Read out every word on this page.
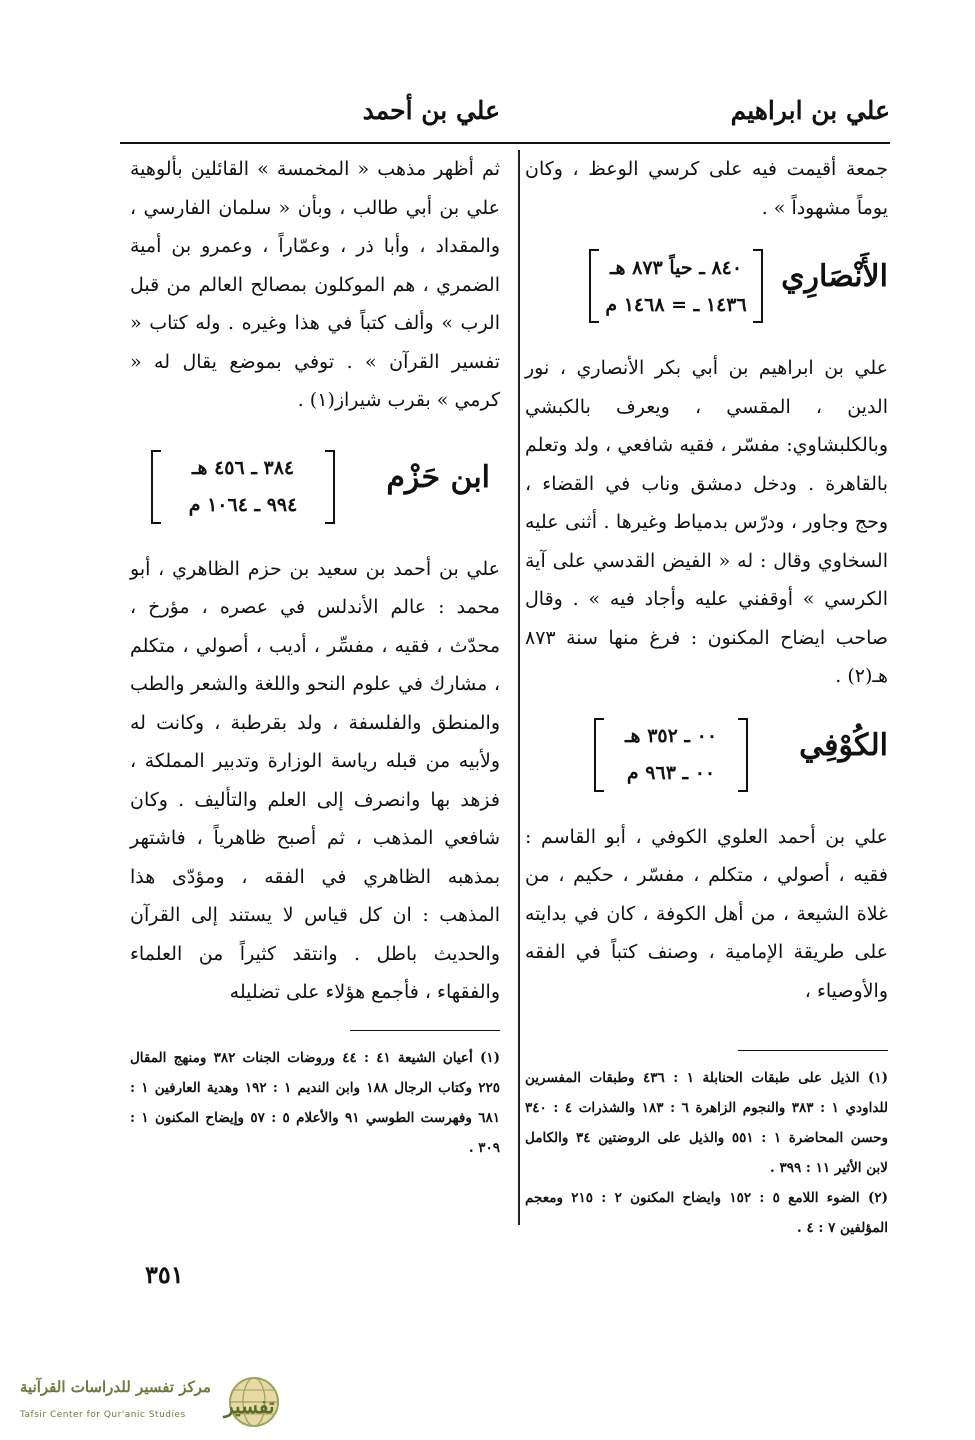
علي بن ابراهيم
علي بن أحمد

جمعة أقيمت فيه على كرسي الوعظ ، وكان يوماً مشهوداً » .

الأَنْصَارِي
٨٤٠ ـ حياً ٨٧٣ هـ
١٤٣٦ ـ = ١٤٦٨ م

علي بن ابراهيم بن أبي بكر الأنصاري ، نور الدين ، المقسي ، ويعرف بالكبشي وبالكلبشاوي: مفسّر ، فقيه شافعي ، ولد وتعلم بالقاهرة . ودخل دمشق وناب في القضاء ، وحج وجاور ، ودرّس بدمياط وغيرها . أثنى عليه السخاوي وقال : له « الفيض القدسي على آية الكرسي » أوقفني عليه وأجاد فيه » . وقال صاحب ايضاح المكنون : فرغ منها سنة ٨٧٣ هـ(٢) .

الكُوْفِي
٠٠ ـ ٣٥٢ هـ
٠٠ ـ ٩٦٣ م

علي بن أحمد العلوي الكوفي ، أبو القاسم : فقيه ، أصولي ، متكلم ، مفسّر ، حكيم ، من غلاة الشيعة ، من أهل الكوفة ، كان في بدايته على طريقة الإمامية ، وصنف كتباً في الفقه والأوصياء ،

(١) الذيل على طبقات الحنابلة ١ : ٤٣٦ وطبقات المفسرين للداودي ١ : ٣٨٣ والنجوم الزاهرة ٦ : ١٨٣ والشذرات ٤ : ٣٤٠ وحسن المحاضرة ١ : ٥٥١ والذيل على الروضتين ٣٤ والكامل لابن الأثير ١١ : ٣٩٩ .

(٢) الضوء اللامع ٥ : ١٥٢ وايضاح المكنون ٢ : ٢١٥ ومعجم المؤلفين ٧ : ٤ .

ثم أظهر مذهب « المخمسة » القائلين بألوهية علي بن أبي طالب ، وبأن « سلمان الفارسي ، والمقداد ، وأبا ذر ، وعمّاراً ، وعمرو بن أمية الضمري ، هم الموكلون بمصالح العالم من قبل الرب » وألف كتباً في هذا وغيره . وله كتاب « تفسير القرآن » . توفي بموضع يقال له « كرمي » بقرب شيراز(١) .

ابن حَزْم
٣٨٤ ـ ٤٥٦ هـ
٩٩٤ ـ ١٠٦٤ م

علي بن أحمد بن سعيد بن حزم الظاهري ، أبو محمد : عالم الأندلس في عصره ، مؤرخ ، محدّث ، فقيه ، مفسِّر ، أديب ، أصولي ، متكلم ، مشارك في علوم النحو واللغة والشعر والطب والمنطق والفلسفة ، ولد بقرطبة ، وكانت له ولأبيه من قبله رياسة الوزارة وتدبير المملكة ، فزهد بها وانصرف إلى العلم والتأليف . وكان شافعي المذهب ، ثم أصبح ظاهرياً ، فاشتهر بمذهبه الظاهري في الفقه ، ومؤدّى هذا المذهب : ان كل قياس لا يستند إلى القرآن والحديث باطل . وانتقد كثيراً من العلماء والفقهاء ، فأجمع هؤلاء على تضليله

(١) أعيان الشيعة ٤١ : ٤٤ وروضات الجنات ٣٨٢ ومنهج المقال ٢٢٥ وكتاب الرجال ١٨٨ وابن النديم ١ : ١٩٢ وهدية العارفين ١ : ٦٨١ وفهرست الطوسي ٩١ والأعلام ٥ : ٥٧ وإيضاح المكنون ١ : ٣٠٩ .

٣٥١
مركز تفسير للدراسات القرآنية
Tafsir Center for Qur'anic Studies تفسير
